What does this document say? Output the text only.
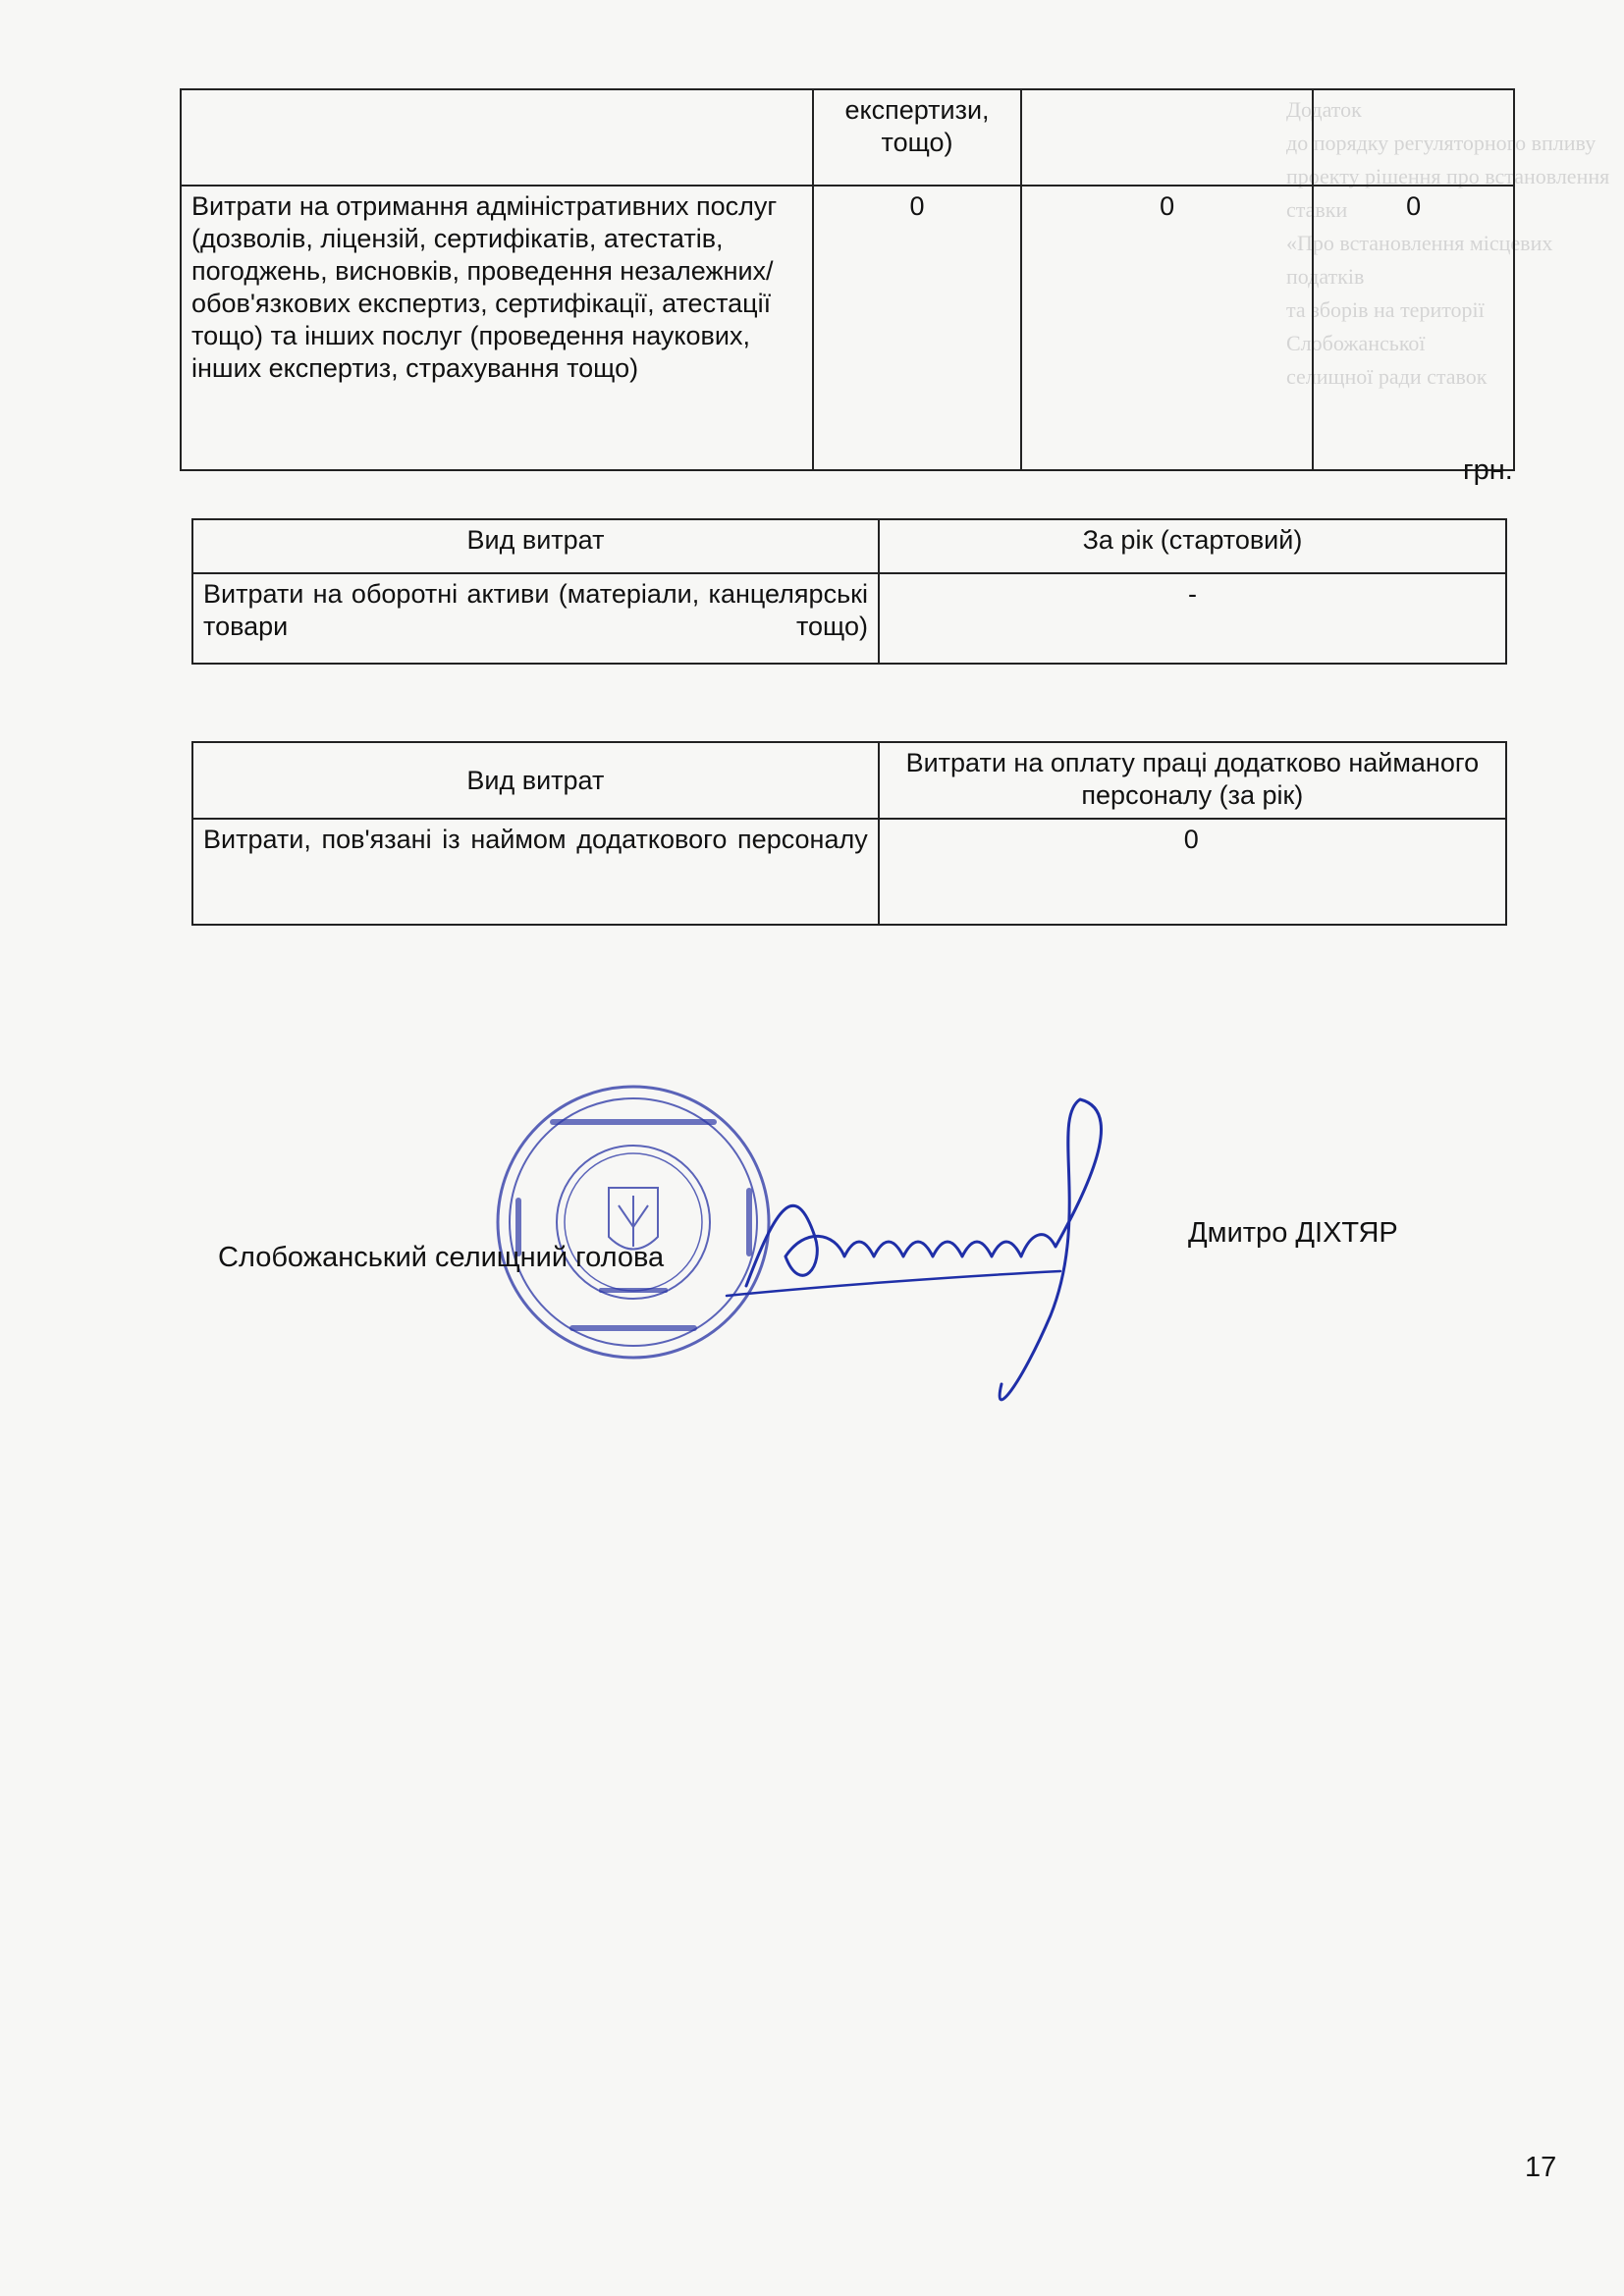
Додаток
до порядку регуляторного впливу
проекту рішення про встановлення ставки
«Про встановлення місцевих податків
та зборів на території Слобожанської
селищної ради ставок
	експертизи, тощо)		
Витрати на отримання адміністративних послуг (дозволів, ліцензій, сертифікатів, атестатів, погоджень, висновків, проведення незалежних/обов'язкових експертиз, сертифікації, атестації тощо) та інших послуг (проведення наукових, інших експертиз, страхування тощо)	0	0	0
грн.
Вид витрат	За рік (стартовий)
Витрати на оборотні активи (матеріали, канцелярські товари тощо)	-
Вид витрат	Витрати на оплату праці додатково найманого персоналу (за рік)
Витрати, пов'язані із наймом додаткового персоналу	0
Слобожанський селищний голова
Дмитро ДІХТЯР
17
